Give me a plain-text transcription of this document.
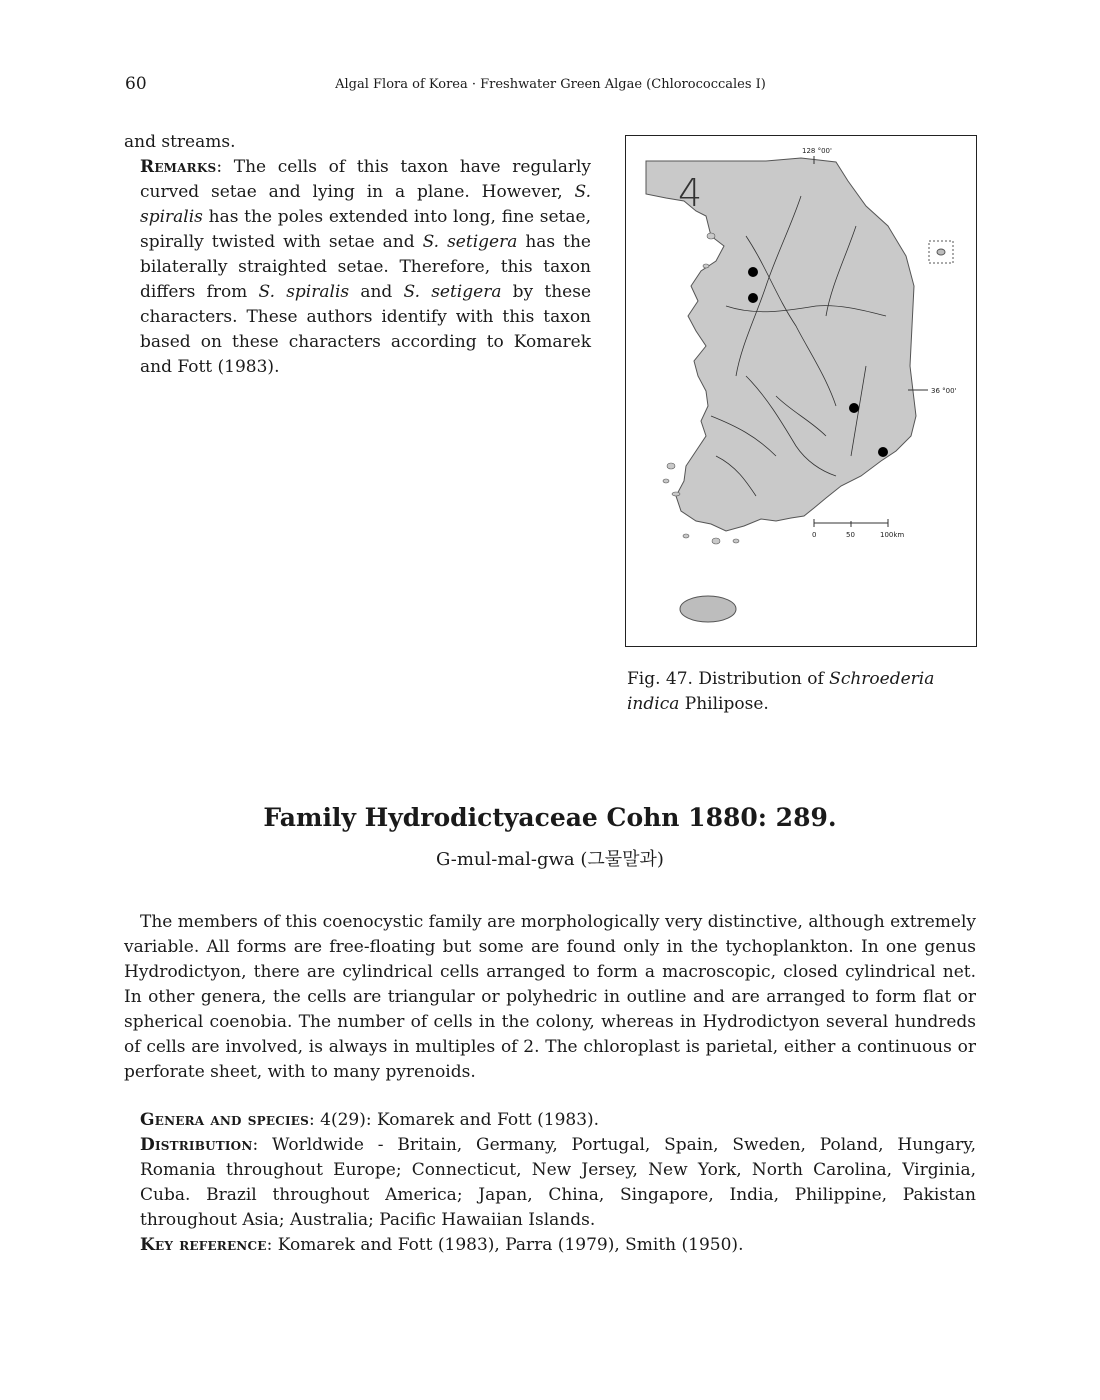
60	Algal Flora of Korea · Freshwater Green Algae (Chlorococcales I)

and streams.

Remarks: The cells of this taxon have regularly curved setae and lying in a plane. However, S. spiralis has the poles extended into long, fine setae, spirally twisted with setae and S. setigera has the bilaterally straighted setae. Therefore, this taxon differs from S. spiralis and S. setigera by these characters. These authors identify with this taxon based on these characters according to Komarek and Fott (1983).

128 °00'
36 °00'
4
0	50	100km

Fig. 47. Distribution of Schroederia indica Philipose.

Family Hydrodictyaceae Cohn 1880: 289.
G-mul-mal-gwa (그물말과)

The members of this coenocystic family are morphologically very distinctive, although extremely variable. All forms are free-floating but some are found only in the tychoplankton. In one genus Hydrodictyon, there are cylindrical cells arranged to form a macroscopic, closed cylindrical net. In other genera, the cells are triangular or polyhedric in outline and are arranged to form flat or spherical coenobia. The number of cells in the colony, whereas in Hydrodictyon several hundreds of cells are involved, is always in multiples of 2. The chloroplast is parietal, either a continuous or perforate sheet, with to many pyrenoids.

Genera and species: 4(29): Komarek and Fott (1983).

Distribution: Worldwide - Britain, Germany, Portugal, Spain, Sweden, Poland, Hungary, Romania throughout Europe; Connecticut, New Jersey, New York, North Carolina, Virginia, Cuba. Brazil throughout America; Japan, China, Singapore, India, Philippine, Pakistan throughout Asia; Australia; Pacific Hawaiian Islands.

Key reference: Komarek and Fott (1983), Parra (1979), Smith (1950).
